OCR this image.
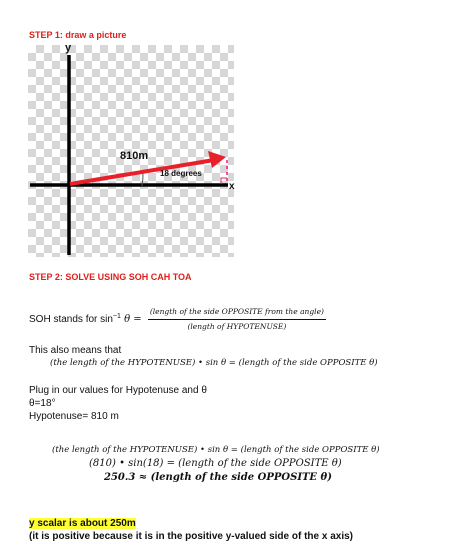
STEP 1: draw a picture
y
x
810m
18 degrees
STEP 2: SOLVE USING SOH CAH TOA
SOH stands for $\sin^{-1} \theta = \frac{\text{(length of the side OPPOSITE from the angle)}}{\text{(length of HYPOTENUSE)}}$
This also means that
(the length of the HYPOTENUSE) • sin θ = (length of the side OPPOSITE θ)
Plug in our values for Hypotenuse and θ
θ=18°
Hypotenuse= 810 m
(the length of the HYPOTENUSE) • sin θ = (length of the side OPPOSITE θ)
(810) • sin(18) = (length of the side OPPOSITE θ)
250.3 ≈ (length of the side OPPOSITE θ)
y scalar is about 250m
(it is positive because it is in the positive y-valued side of the x axis)
